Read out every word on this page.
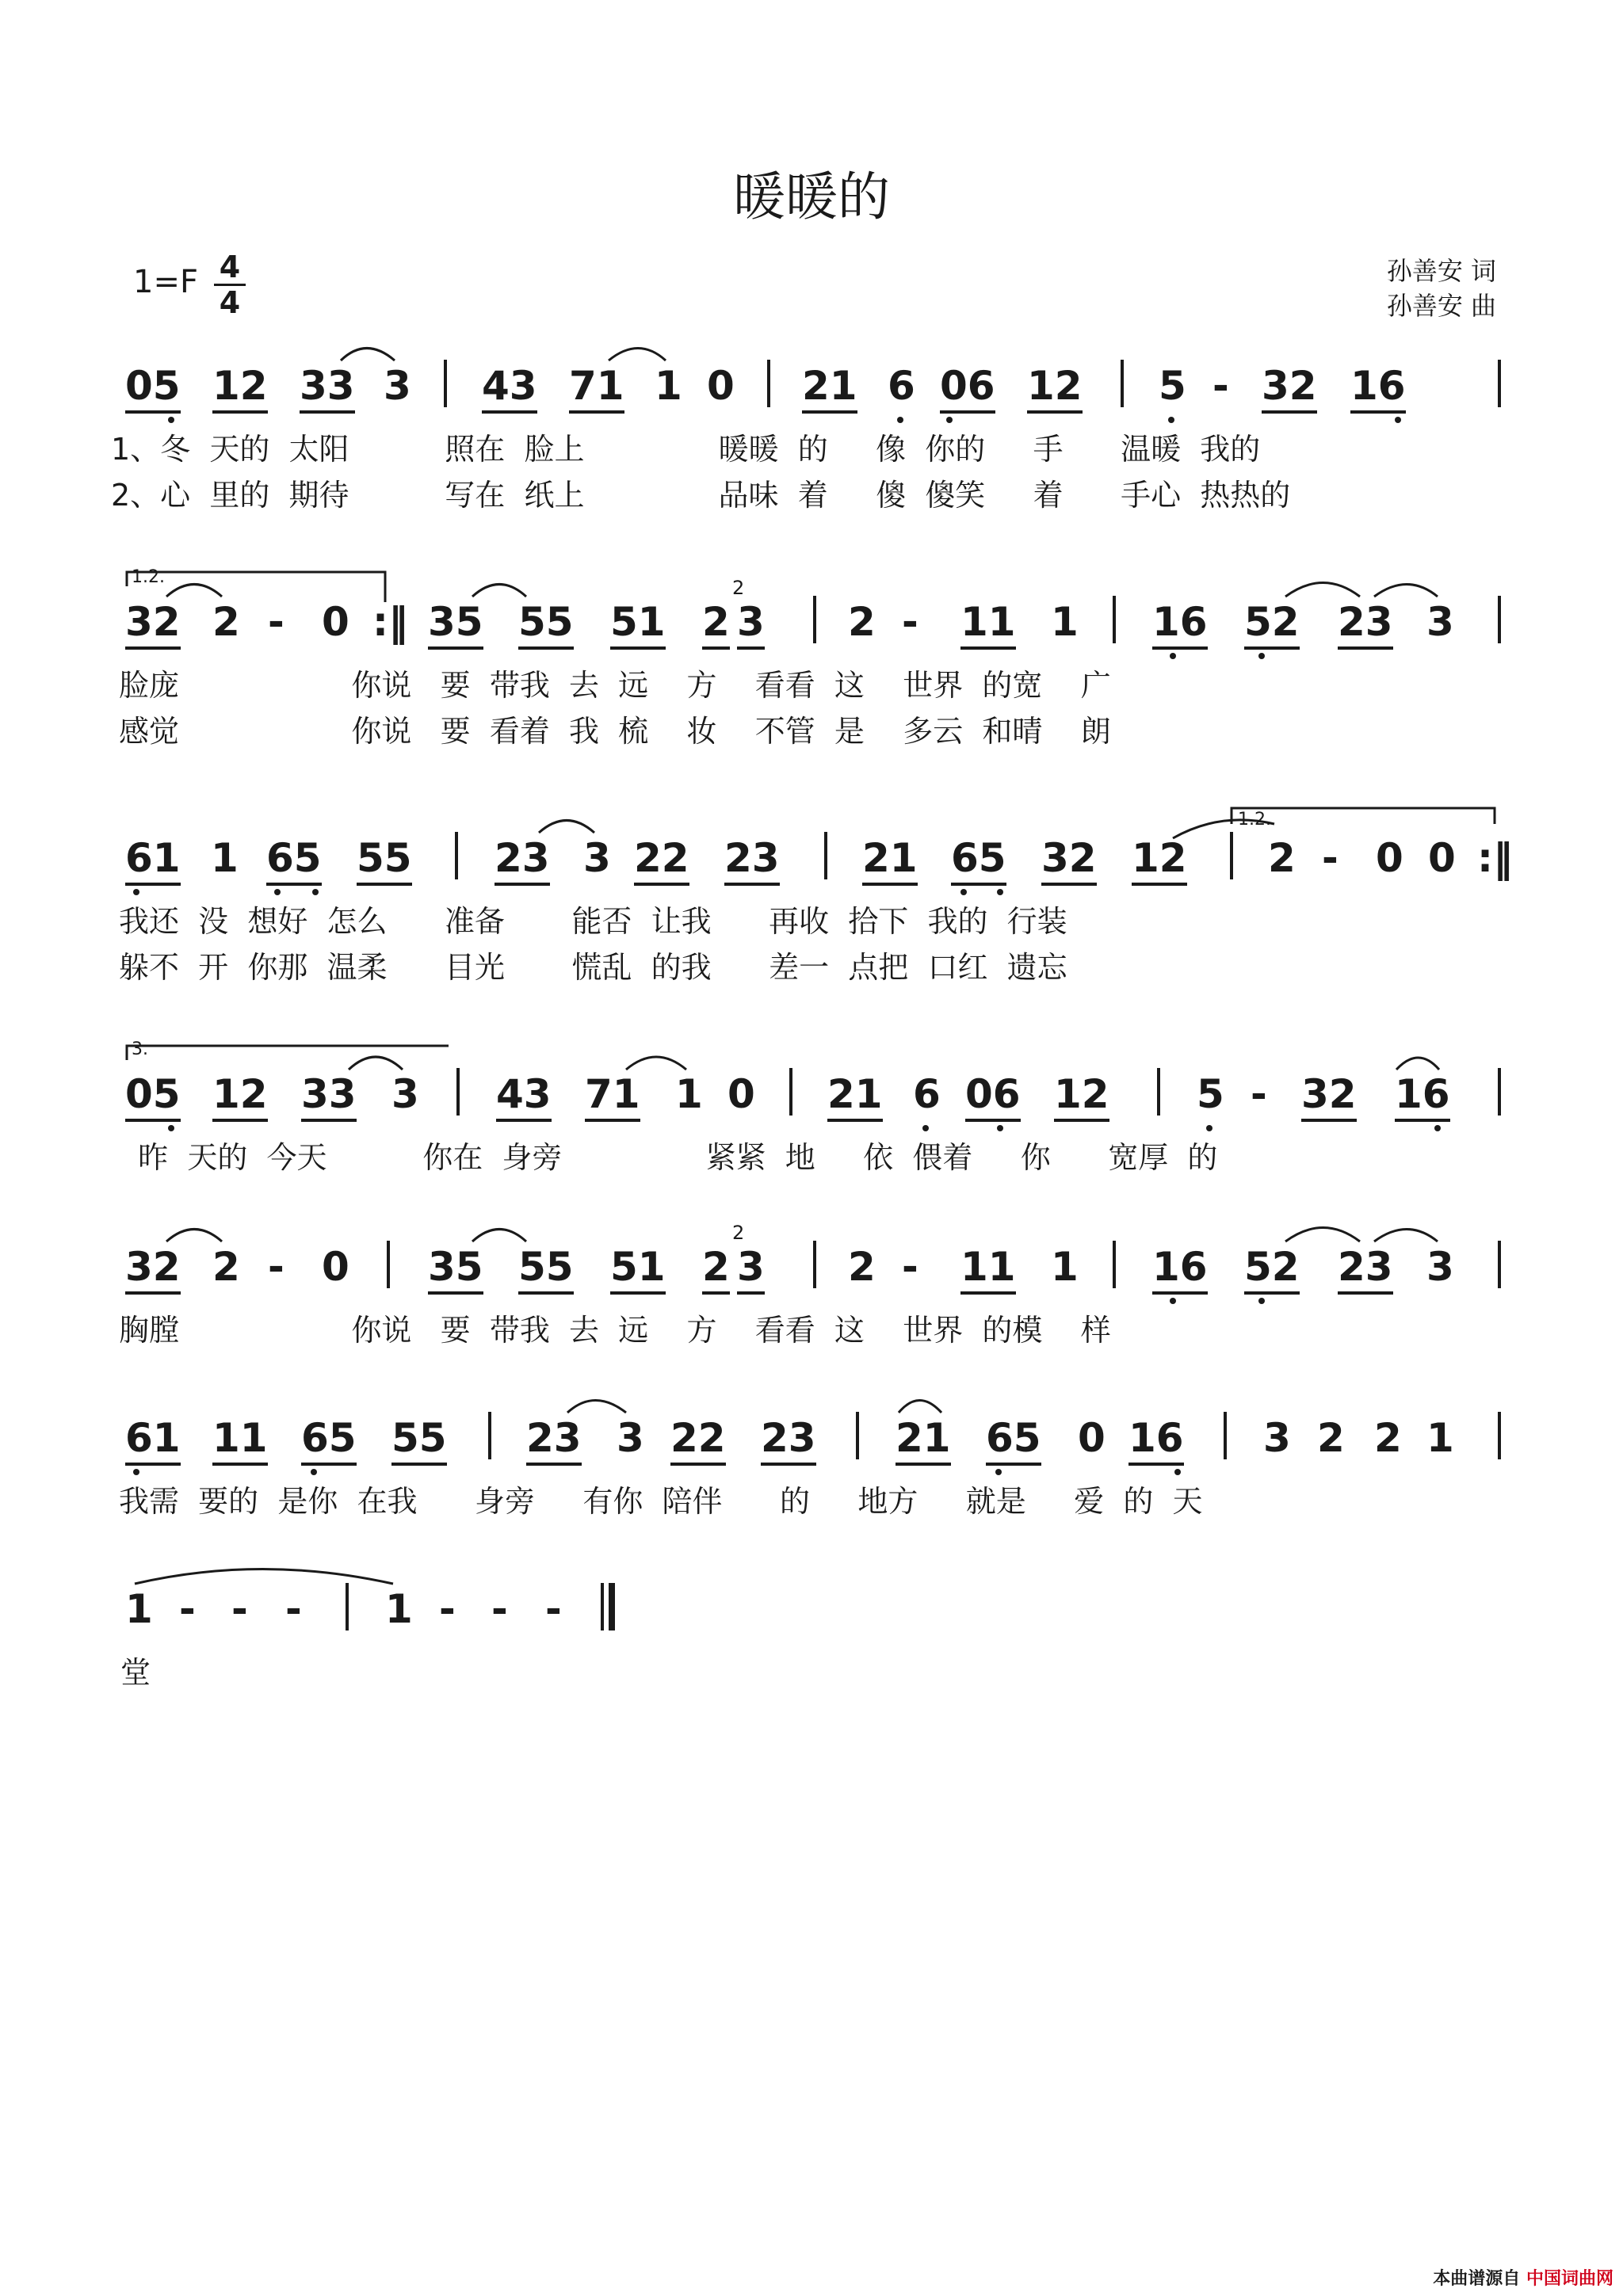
暖暖的
1=F 4
4
孙善安 词
孙善安 曲
05 12 33 3 43 71 1 0 21 6 06 12 5 - 32 16
1、冬  天的  太阳          照在  脸上              暖暖  的     像  你的     手      温暖  我的
2、心  里的  期待          写在  纸上              品味  着     傻  傻笑     着      手心  热热的
32 2 - 0 :‖ 35 55 51 2 3
2
2 - 11 1 16 52 23 3
脸庞                  你说   要  带我  去  远    方    看看  这    世界  的宽    广
感觉                  你说   要  看着  我  梳    妆    不管  是    多云  和晴    朗
1.2.
61 1 65 55 23 3 22 23 21 65 32 12 2 - 0 0 :‖
我还  没  想好  怎么      准备       能否  让我      再收  拾下  我的  行装
躲不  开  你那  温柔      目光       慌乱  的我      差一  点把  口红  遗忘
1.2.
05 12 33 3 43 71 1 0 21 6 06 12 5 - 32 16
昨  天的  今天          你在  身旁               紧紧  地     依  偎着     你      宽厚  的
3.
32 2 - 0 35 55 51 2 3
2
2 - 11 1 16 52 23 3
胸膛                  你说   要  带我  去  远    方    看看  这    世界  的模    样
61 11 65 55 23 3 22 23 21 65 0 16 3 2 2 1
我需  要的  是你  在我      身旁     有你  陪伴      的     地方     就是     爱  的  天
1 - - - 1 - - -
堂
本曲谱源自 中国词曲网
